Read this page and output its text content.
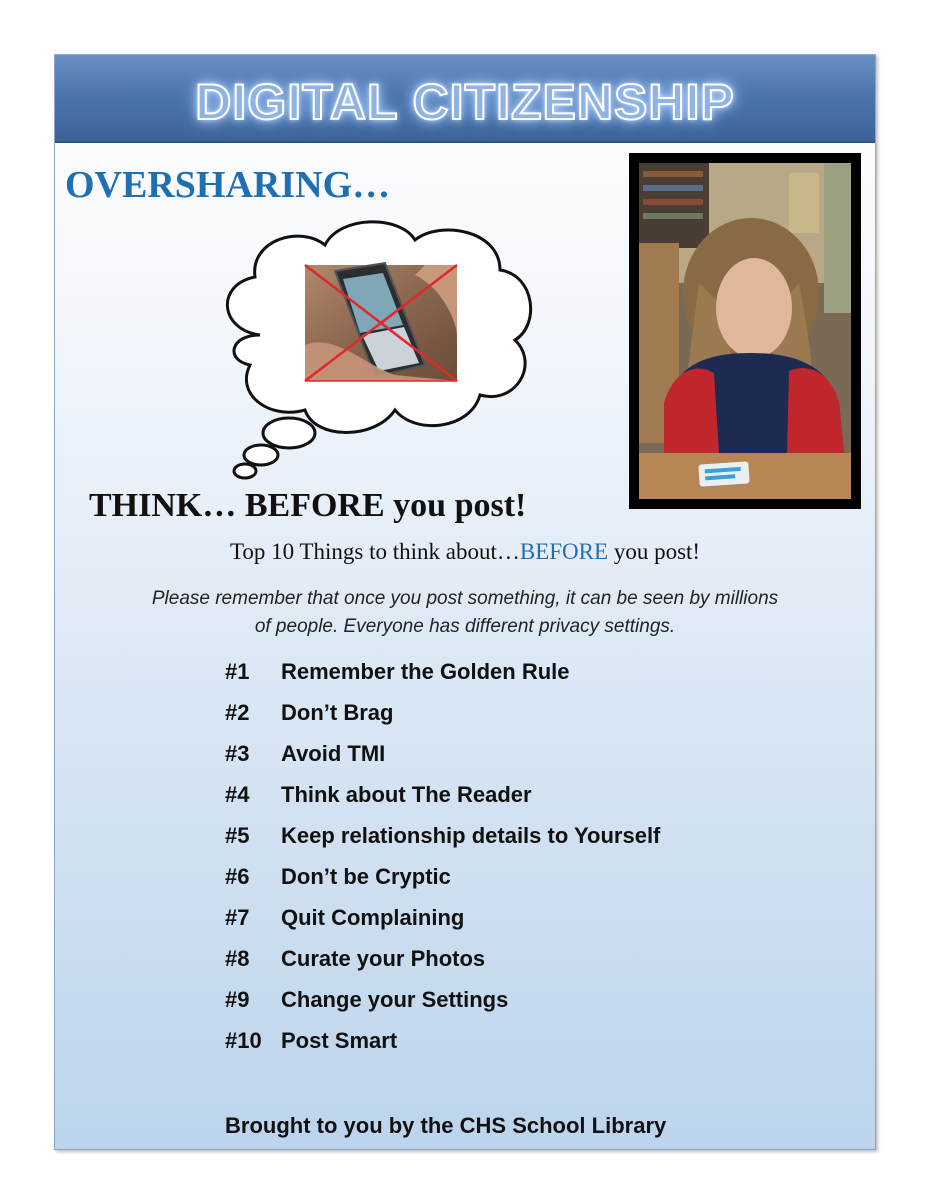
DIGITAL CITIZENSHIP
OVERSHARING…
THINK… BEFORE you post!
Top 10 Things to think about…BEFORE you post!
Please remember that once you post something, it can be seen by millions
of people. Everyone has different privacy settings.
#1	Remember the Golden Rule
#2	Don’t Brag
#3	Avoid TMI
#4	Think about The Reader
#5	Keep relationship details to Yourself
#6	Don’t be Cryptic
#7	Quit Complaining
#8	Curate your Photos
#9	Change your Settings
#10 Post Smart
Brought to you by the CHS School Library
